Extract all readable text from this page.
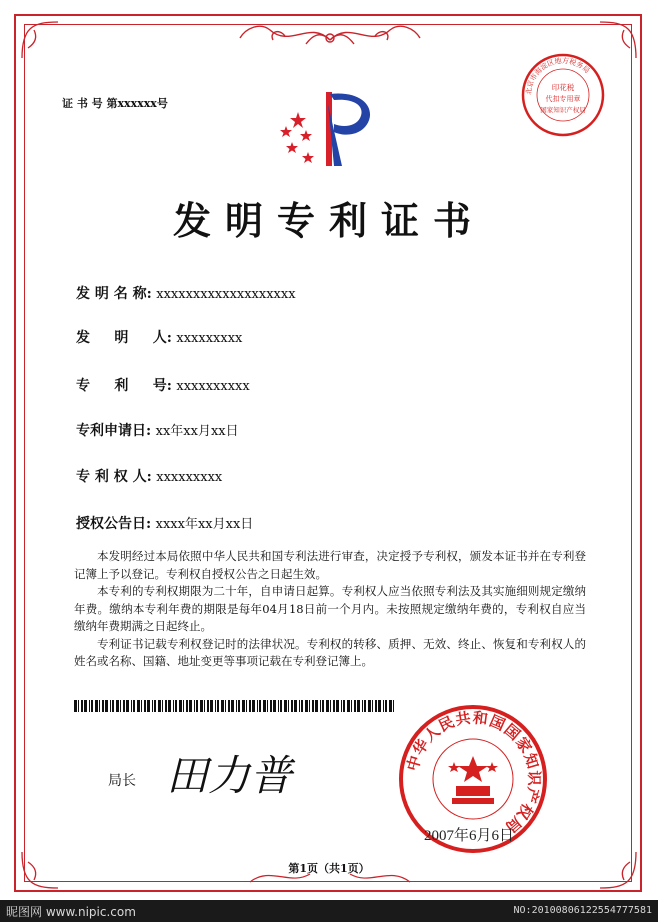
证 书 号 第xxxxxx号
北京市海淀区地方税务局
印花税
代扣专用章
国家知识产权局
发明专利证书
发 明 名 称: xxxxxxxxxxxxxxxxxxx
发     明     人: xxxxxxxxx
专     利     号: xxxxxxxxxx
专利申请日: xx年xx月xx日
专 利 权 人: xxxxxxxxx
授权公告日: xxxx年xx月xx日

本发明经过本局依照中华人民共和国专利法进行审查，决定授予专利权，颁发本证书并在专利登记簿上予以登记。专利权自授权公告之日起生效。

本专利的专利权期限为二十年，自申请日起算。专利权人应当依照专利法及其实施细则规定缴纳年费。缴纳本专利年费的期限是每年04月18日前一个月内。未按照规定缴纳年费的，专利权自应当缴纳年费期满之日起终止。

专利证书记载专利权登记时的法律状况。专利权的转移、质押、无效、终止、恢复和专利权人的姓名或名称、国籍、地址变更等事项记载在专利登记簿上。

局长 田力普	中华人民共和国国家知识产权局
2007年6月6日
第1页（共1页）
昵图网 www.nipic.com	NO:20100806122554777581
